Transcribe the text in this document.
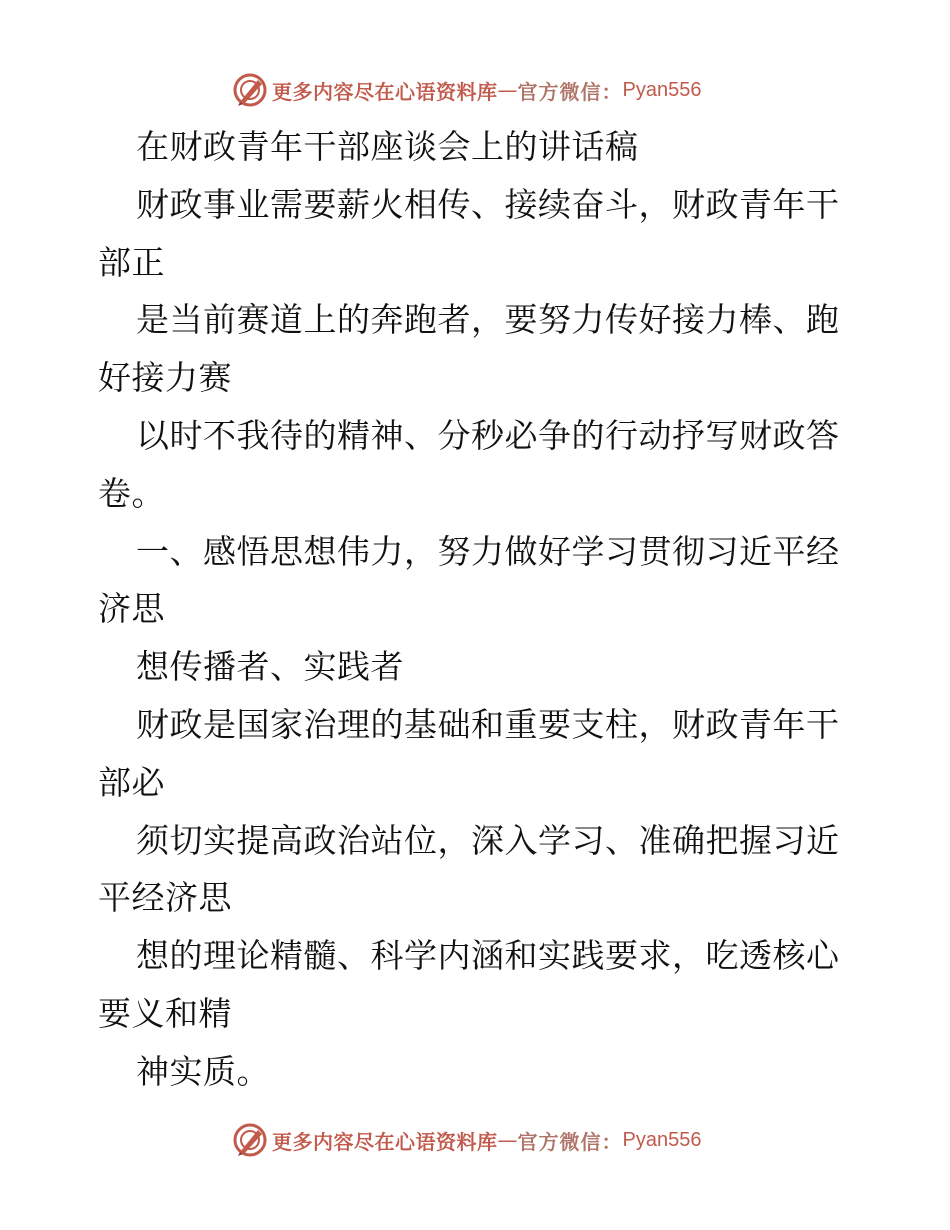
更多内容尽在心语资料库 — 官方微信： Pyan556
在财政青年干部座谈会上的讲话稿
财政事业需要薪火相传、接续奋斗，财政青年干
部正
是当前赛道上的奔跑者，要努力传好接力棒、跑
好接力赛
以时不我待的精神、分秒必争的行动抒写财政答
卷。
一、感悟思想伟力，努力做好学习贯彻习近平经
济思
想传播者、实践者
财政是国家治理的基础和重要支柱，财政青年干
部必
须切实提高政治站位，深入学习、准确把握习近
平经济思
想的理论精髓、科学内涵和实践要求，吃透核心
要义和精
神实质。
更多内容尽在心语资料库 — 官方微信： Pyan556
